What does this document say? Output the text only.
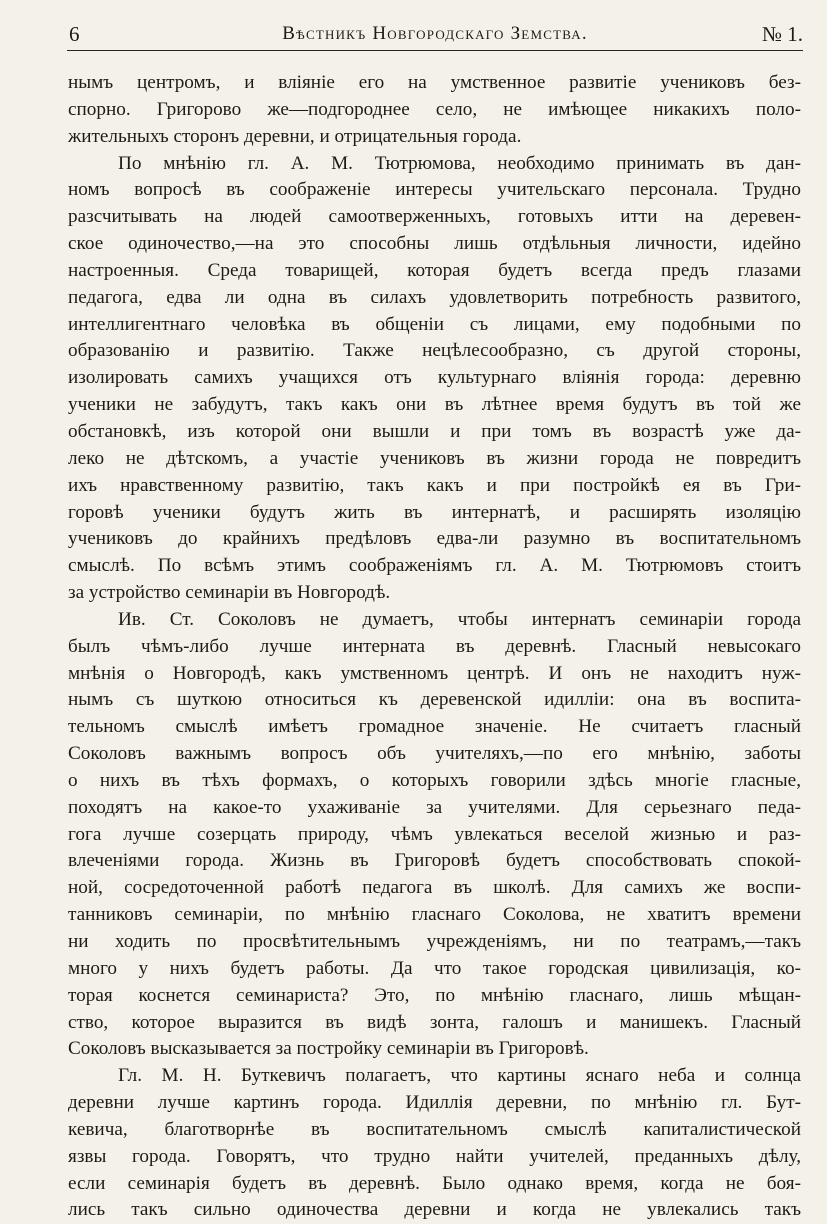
6	Вѣстникъ Новгородскаго Земства.	№ 1.
нымъ центромъ, и вліяніе его на умственное развитіе учениковъ без-
спорно. Григорово же—подгороднее село, не имѣющее никакихъ поло-
жительныхъ сторонъ деревни, и отрицательныя города.
По мнѣнію гл. А. М. Тютрюмова, необходимо принимать въ дан-
номъ вопросѣ въ соображеніе интересы учительскаго персонала. Трудно
разсчитывать на людей самоотверженныхъ, готовыхъ итти на деревен-
ское одиночество,—на это способны лишь отдѣльныя личности, идейно
настроенныя. Среда товарищей, которая будетъ всегда предъ глазами
педагога, едва ли одна въ силахъ удовлетворить потребность развитого,
интеллигентнаго человѣка въ общеніи съ лицами, ему подобными по
образованію и развитію. Также нецѣлесообразно, съ другой стороны,
изолировать самихъ учащихся отъ культурнаго вліянія города: деревню
ученики не забудутъ, такъ какъ они въ лѣтнее время будутъ въ той же
обстановкѣ, изъ которой они вышли и при томъ въ возрастѣ уже да-
леко не дѣтскомъ, а участіе учениковъ въ жизни города не повредитъ
ихъ нравственному развитію, такъ какъ и при постройкѣ ея въ Гри-
горовѣ ученики будутъ жить въ интернатѣ, и расширять изоляцію
учениковъ до крайнихъ предѣловъ едва-ли разумно въ воспитательномъ
смыслѣ. По всѣмъ этимъ соображеніямъ гл. А. М. Тютрюмовъ стоитъ
за устройство семинаріи въ Новгородѣ.
Ив. Ст. Соколовъ не думаетъ, чтобы интернатъ семинаріи города
былъ чѣмъ-либо лучше интерната въ деревнѣ. Гласный невысокаго
мнѣнія о Новгородѣ, какъ умственномъ центрѣ. И онъ не находитъ нуж-
нымъ съ шуткою относиться къ деревенской идилліи: она въ воспита-
тельномъ смыслѣ имѣетъ громадное значеніе. Не считаетъ гласный
Соколовъ важнымъ вопросъ объ учителяхъ,—по его мнѣнію, заботы
о нихъ въ тѣхъ формахъ, о которыхъ говорили здѣсь многіе гласные,
походятъ на какое-то ухаживаніе за учителями. Для серьезнаго педа-
гога лучше созерцать природу, чѣмъ увлекаться веселой жизнью и раз-
влеченіями города. Жизнь въ Григоровѣ будетъ способствовать спокой-
ной, сосредоточенной работѣ педагога въ школѣ. Для самихъ же воспи-
танниковъ семинаріи, по мнѣнію гласнаго Соколова, не хватитъ времени
ни ходить по просвѣтительнымъ учрежденіямъ, ни по театрамъ,—такъ
много у нихъ будетъ работы. Да что такое городская цивилизація, ко-
торая коснется семинариста? Это, по мнѣнію гласнаго, лишь мѣщан-
ство, которое выразится въ видѣ зонта, галошъ и манишекъ. Гласный
Соколовъ высказывается за постройку семинаріи въ Григоровѣ.
Гл. М. Н. Буткевичъ полагаетъ, что картины яснаго неба и солнца
деревни лучше картинъ города. Идиллія деревни, по мнѣнію гл. Бут-
кевича, благотворнѣе въ воспитательномъ смыслѣ капиталистической
язвы города. Говорятъ, что трудно найти учителей, преданныхъ дѣлу,
если семинарія будетъ въ деревнѣ. Было однако время, когда не боя-
лись такъ сильно одиночества деревни и когда не увлекались такъ
